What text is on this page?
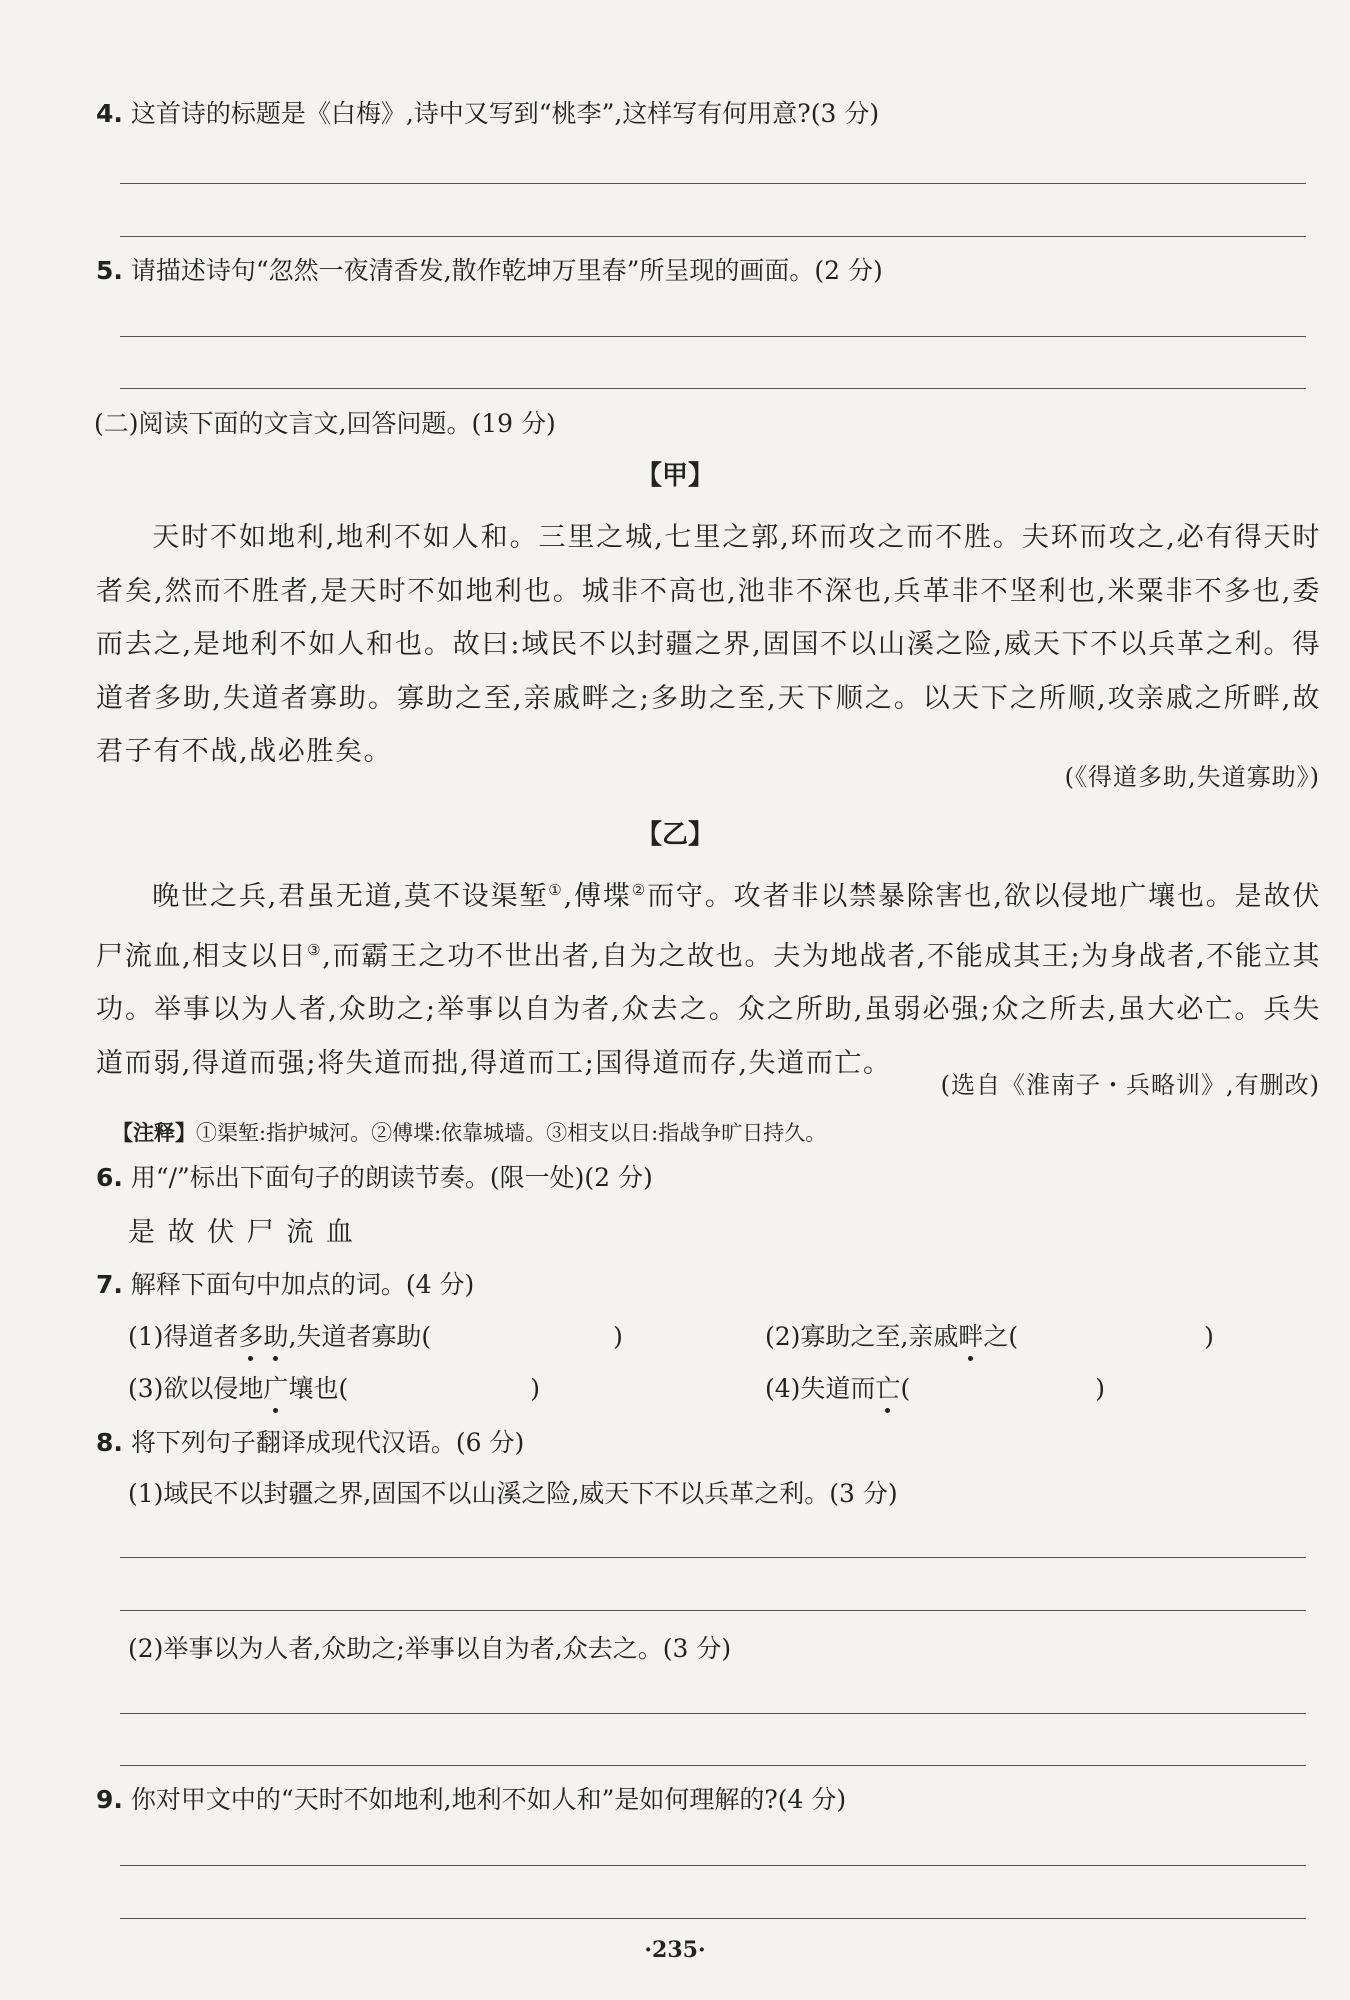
4. 这首诗的标题是《白梅》,诗中又写到“桃李”,这样写有何用意?(3 分)
5. 请描述诗句“忽然一夜清香发,散作乾坤万里春”所呈现的画面。(2 分)
(二)阅读下面的文言文,回答问题。(19 分)
【甲】
天时不如地利,地利不如人和。三里之城,七里之郭,环而攻之而不胜。夫环而攻之,必有得天时者矣,然而不胜者,是天时不如地利也。城非不高也,池非不深也,兵革非不坚利也,米粟非不多也,委而去之,是地利不如人和也。故曰:域民不以封疆之界,固国不以山溪之险,威天下不以兵革之利。得道者多助,失道者寡助。寡助之至,亲戚畔之;多助之至,天下顺之。以天下之所顺,攻亲戚之所畔,故君子有不战,战必胜矣。
(《得道多助,失道寡助》)
【乙】
晚世之兵,君虽无道,莫不设渠堑①,傅堞②而守。攻者非以禁暴除害也,欲以侵地广壤也。是故伏尸流血,相支以日③,而霸王之功不世出者,自为之故也。夫为地战者,不能成其王;为身战者,不能立其功。举事以为人者,众助之;举事以自为者,众去之。众之所助,虽弱必强;众之所去,虽大必亡。兵失道而弱,得道而强;将失道而拙,得道而工;国得道而存,失道而亡。
(选自《淮南子・兵略训》,有删改)
【注释】①渠堑:指护城河。②傅堞:依靠城墙。③相支以日:指战争旷日持久。
6. 用“/”标出下面句子的朗读节奏。(限一处)(2 分)
是 故 伏 尸 流 血
7. 解释下面句中加点的词。(4 分)
(1)得道者多助,失道者寡助(	)	(2)寡助之至,亲戚畔之(	)
(3)欲以侵地广壤也(	)	(4)失道而亡(	)
8. 将下列句子翻译成现代汉语。(6 分)
(1)域民不以封疆之界,固国不以山溪之险,威天下不以兵革之利。(3 分)
(2)举事以为人者,众助之;举事以自为者,众去之。(3 分)
9. 你对甲文中的“天时不如地利,地利不如人和”是如何理解的?(4 分)
·235·
